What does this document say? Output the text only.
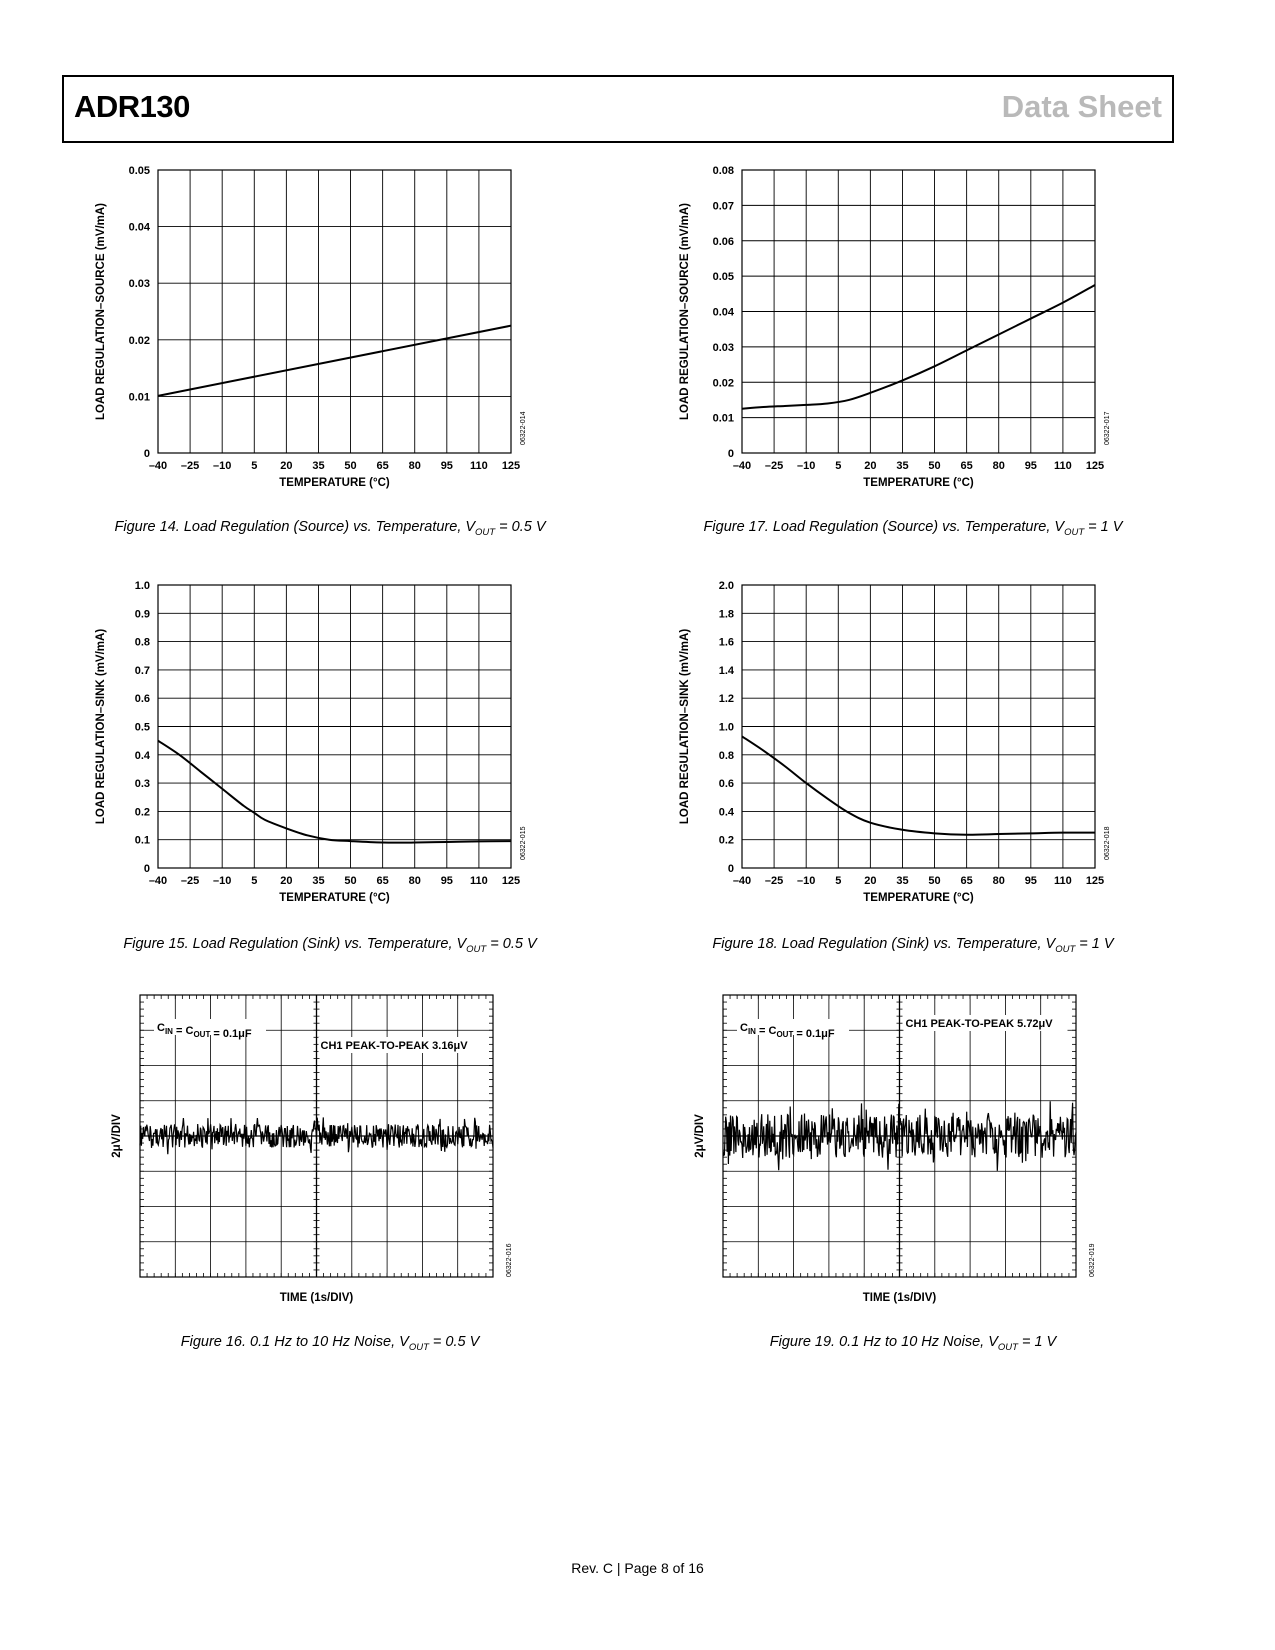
ADR130	Data Sheet
–40 –25 –10 5 20 35 50 65 80 95 110 125
0
0.01
0.02
0.03
0.04
0.05
TEMPERATURE (°C)
LOAD REGULATION–SOURCE (mV/mA)
06322-014
Figure 14. Load Regulation (Source) vs. Temperature, $V_{OUT} = 0.5$ V
–40 –25 –10 5 20 35 50 65 80 95 110 125
0
0.1
0.2
0.3
0.4
0.5
0.6
0.7
0.8
0.9
1.0
TEMPERATURE (°C)
LOAD REGULATION–SINK (mV/mA)
06322-015
Figure 15. Load Regulation (Sink) vs. Temperature, $V_{OUT} = 0.5$ V
$C_{IN} = C_{OUT} = 0.1\mu F$
CH1 PEAK-TO-PEAK 3.16μV
TIME (1s/DIV)
2μV/DIV
06322-016
Figure 16. 0.1 Hz to 10 Hz Noise, $V_{OUT} = 0.5$ V
–40 –25 –10 5 20 35 50 65 80 95 110 125
0
0.01
0.02
0.03
0.04
0.05
0.06
0.07
0.08
TEMPERATURE (°C)
LOAD REGULATION–SOURCE (mV/mA)
06322-017
Figure 17. Load Regulation (Source) vs. Temperature, $V_{OUT} = 1$ V
–40 –25 –10 5 20 35 50 65 80 95 110 125
0
0.2
0.4
0.6
0.8
1.0
1.2
1.4
1.6
1.8
2.0
TEMPERATURE (°C)
LOAD REGULATION–SINK (mV/mA)
06322-018
Figure 18. Load Regulation (Sink) vs. Temperature, $V_{OUT} = 1$ V
$C_{IN} = C_{OUT} = 0.1\mu F$
CH1 PEAK-TO-PEAK 5.72μV
TIME (1s/DIV)
2μV/DIV
06322-019
Figure 19. 0.1 Hz to 10 Hz Noise, $V_{OUT} = 1$ V
Rev. C | Page 8 of 16
